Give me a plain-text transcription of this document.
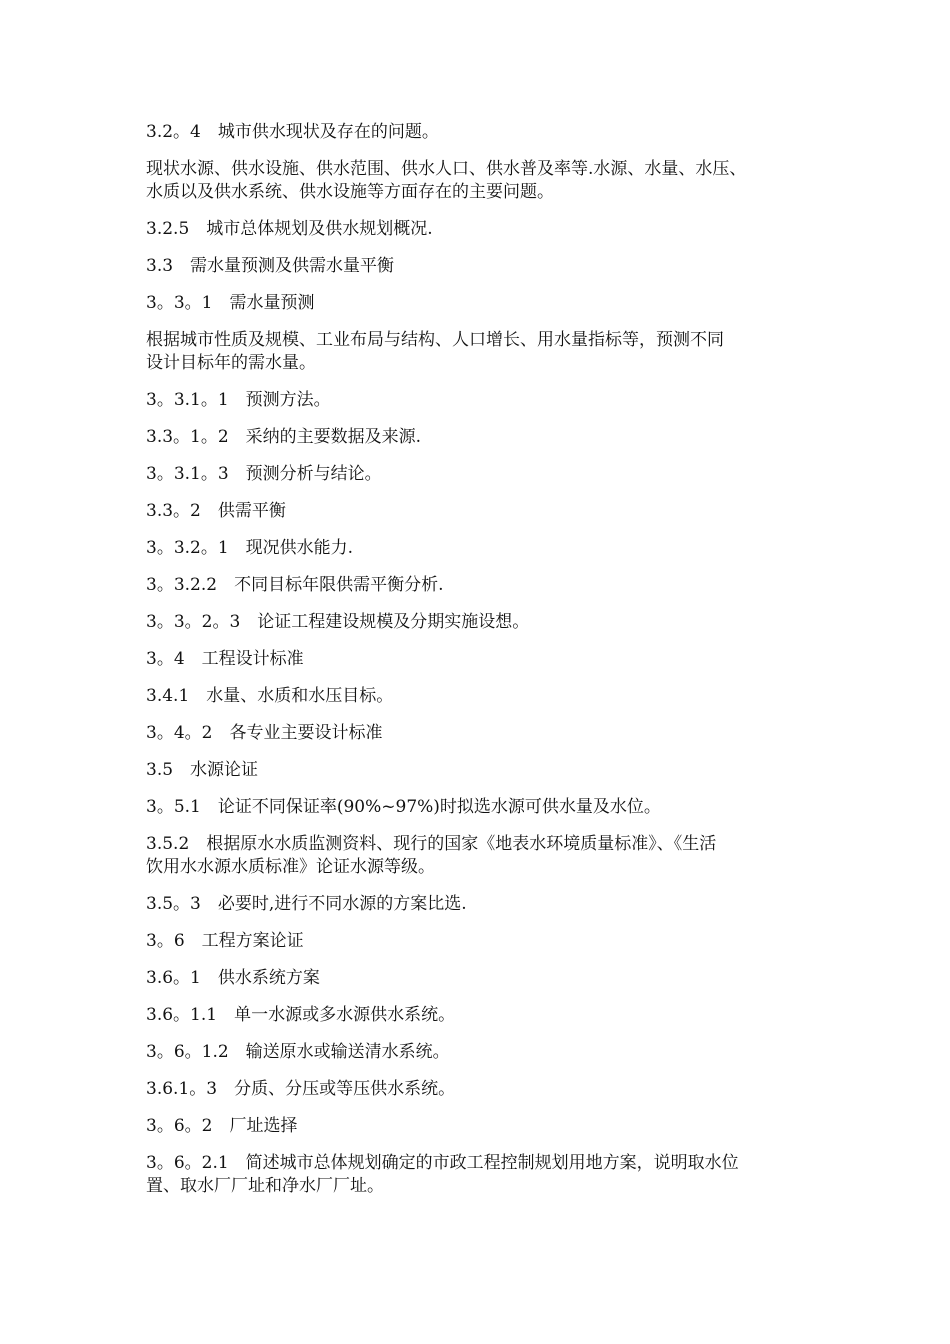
3.2。4　城市供水现状及存在的问题。

现状水源、供水设施、供水范围、供水人口、供水普及率等.水源、水量、水压、
水质以及供水系统、供水设施等方面存在的主要问题。

3.2.5　城市总体规划及供水规划概况.

3.3　需水量预测及供需水量平衡

3。3。1　需水量预测

根据城市性质及规模、工业布局与结构、人口增长、用水量指标等，预测不同
设计目标年的需水量。

3。3.1。1　预测方法。

3.3。1。2　采纳的主要数据及来源.

3。3.1。3　预测分析与结论。

3.3。2　供需平衡

3。3.2。1　现况供水能力.

3。3.2.2　不同目标年限供需平衡分析.

3。3。2。3　论证工程建设规模及分期实施设想。

3。4　工程设计标准

3.4.1　水量、水质和水压目标。

3。4。2　各专业主要设计标准

3.5　水源论证

3。5.1　论证不同保证率(90%~97%)时拟选水源可供水量及水位。

3.5.2　根据原水水质监测资料、现行的国家《地表水环境质量标准》、《生活
饮用水水源水质标准》论证水源等级。

3.5。3　必要时,进行不同水源的方案比选.

3。6　工程方案论证

3.6。1　供水系统方案

3.6。1.1　单一水源或多水源供水系统。

3。6。1.2　输送原水或输送清水系统。

3.6.1。3　分质、分压或等压供水系统。

3。6。2　厂址选择

3。6。2.1　简述城市总体规划确定的市政工程控制规划用地方案，说明取水位
置、取水厂厂址和净水厂厂址。
